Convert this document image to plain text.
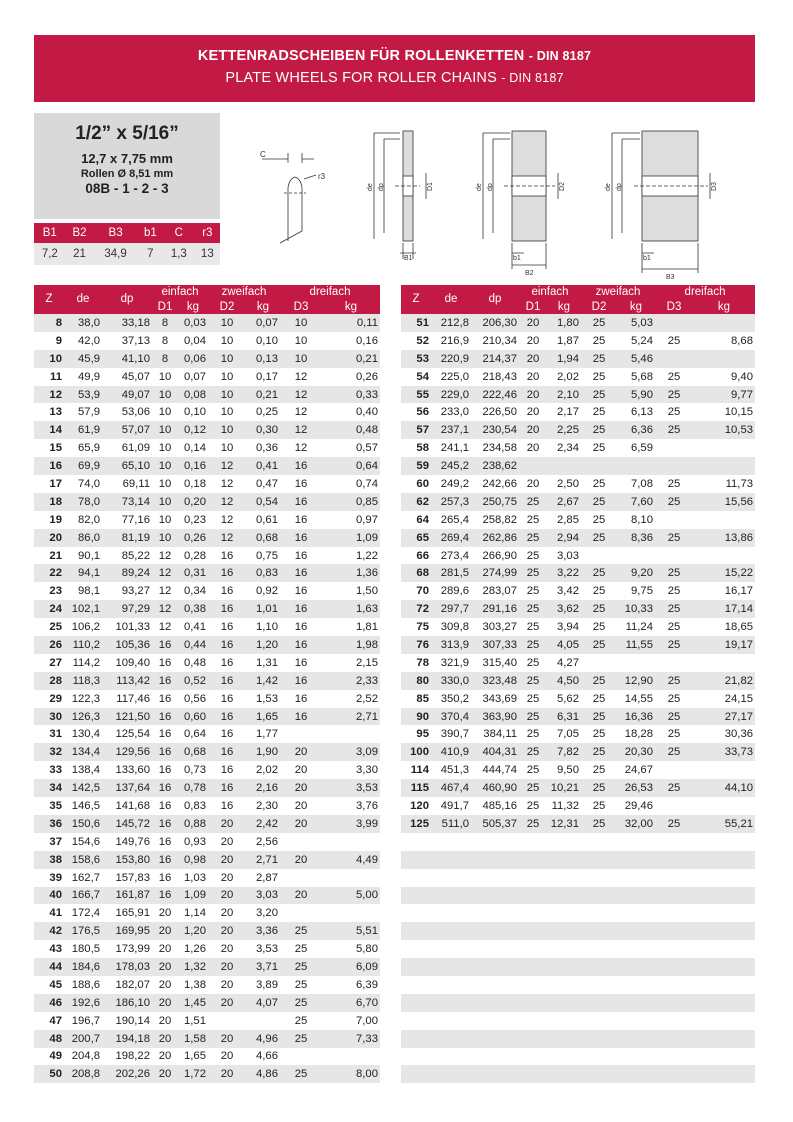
KETTENRADSCHEIBEN FÜR ROLLENKETTEN - DIN 8187
PLATE WHEELS FOR ROLLER CHAINS - DIN 8187
1/2” x 5/16”
12,7 x 7,75 mm
Rollen Ø 8,51 mm
08B - 1 - 2 - 3
B1	B2	B3	b1	C	r3
7,2	21	34,9	7	1,3	13
C
r3
de dp	D1
B1
de dp	D2
b1
B2
de dp	D3
b1
B3
Z	de	dp	einfach		zweifach		dreifach	
			D1	kg	D2	kg	D3	kg
8	38,0	33,18	8	0,03	10	0,07	10	0,11
9	42,0	37,13	8	0,04	10	0,10	10	0,16
10	45,9	41,10	8	0,06	10	0,13	10	0,21
11	49,9	45,07	10	0,07	10	0,17	12	0,26
12	53,9	49,07	10	0,08	10	0,21	12	0,33
13	57,9	53,06	10	0,10	10	0,25	12	0,40
14	61,9	57,07	10	0,12	10	0,30	12	0,48
15	65,9	61,09	10	0,14	10	0,36	12	0,57
16	69,9	65,10	10	0,16	12	0,41	16	0,64
17	74,0	69,11	10	0,18	12	0,47	16	0,74
18	78,0	73,14	10	0,20	12	0,54	16	0,85
19	82,0	77,16	10	0,23	12	0,61	16	0,97
20	86,0	81,19	10	0,26	12	0,68	16	1,09
21	90,1	85,22	12	0,28	16	0,75	16	1,22
22	94,1	89,24	12	0,31	16	0,83	16	1,36
23	98,1	93,27	12	0,34	16	0,92	16	1,50
24	102,1	97,29	12	0,38	16	1,01	16	1,63
25	106,2	101,33	12	0,41	16	1,10	16	1,81
26	110,2	105,36	16	0,44	16	1,20	16	1,98
27	114,2	109,40	16	0,48	16	1,31	16	2,15
28	118,3	113,42	16	0,52	16	1,42	16	2,33
29	122,3	117,46	16	0,56	16	1,53	16	2,52
30	126,3	121,50	16	0,60	16	1,65	16	2,71
31	130,4	125,54	16	0,64	16	1,77		
32	134,4	129,56	16	0,68	16	1,90	20	3,09
33	138,4	133,60	16	0,73	16	2,02	20	3,30
34	142,5	137,64	16	0,78	16	2,16	20	3,53
35	146,5	141,68	16	0,83	16	2,30	20	3,76
36	150,6	145,72	16	0,88	20	2,42	20	3,99
37	154,6	149,76	16	0,93	20	2,56		
38	158,6	153,80	16	0,98	20	2,71	20	4,49
39	162,7	157,83	16	1,03	20	2,87		
40	166,7	161,87	16	1,09	20	3,03	20	5,00
41	172,4	165,91	20	1,14	20	3,20		
42	176,5	169,95	20	1,20	20	3,36	25	5,51
43	180,5	173,99	20	1,26	20	3,53	25	5,80
44	184,6	178,03	20	1,32	20	3,71	25	6,09
45	188,6	182,07	20	1,38	20	3,89	25	6,39
46	192,6	186,10	20	1,45	20	4,07	25	6,70
47	196,7	190,14	20	1,51			25	7,00
48	200,7	194,18	20	1,58	20	4,96	25	7,33
49	204,8	198,22	20	1,65	20	4,66		
50	208,8	202,26	20	1,72	20	4,86	25	8,00
Z	de	dp	einfach		zweifach		dreifach	
			D1	kg	D2	kg	D3	kg
51	212,8	206,30	20	1,80	25	5,03		
52	216,9	210,34	20	1,87	25	5,24	25	8,68
53	220,9	214,37	20	1,94	25	5,46		
54	225,0	218,43	20	2,02	25	5,68	25	9,40
55	229,0	222,46	20	2,10	25	5,90	25	9,77
56	233,0	226,50	20	2,17	25	6,13	25	10,15
57	237,1	230,54	20	2,25	25	6,36	25	10,53
58	241,1	234,58	20	2,34	25	6,59		
59	245,2	238,62						
60	249,2	242,66	20	2,50	25	7,08	25	11,73
62	257,3	250,75	25	2,67	25	7,60	25	15,56
64	265,4	258,82	25	2,85	25	8,10		
65	269,4	262,86	25	2,94	25	8,36	25	13,86
66	273,4	266,90	25	3,03				
68	281,5	274,99	25	3,22	25	9,20	25	15,22
70	289,6	283,07	25	3,42	25	9,75	25	16,17
72	297,7	291,16	25	3,62	25	10,33	25	17,14
75	309,8	303,27	25	3,94	25	11,24	25	18,65
76	313,9	307,33	25	4,05	25	11,55	25	19,17
78	321,9	315,40	25	4,27				
80	330,0	323,48	25	4,50	25	12,90	25	21,82
85	350,2	343,69	25	5,62	25	14,55	25	24,15
90	370,4	363,90	25	6,31	25	16,36	25	27,17
95	390,7	384,11	25	7,05	25	18,28	25	30,36
100	410,9	404,31	25	7,82	25	20,30	25	33,73
114	451,3	444,74	25	9,50	25	24,67		
115	467,4	460,90	25	10,21	25	26,53	25	44,10
120	491,7	485,16	25	11,32	25	29,46		
125	511,0	505,37	25	12,31	25	32,00	25	55,21
